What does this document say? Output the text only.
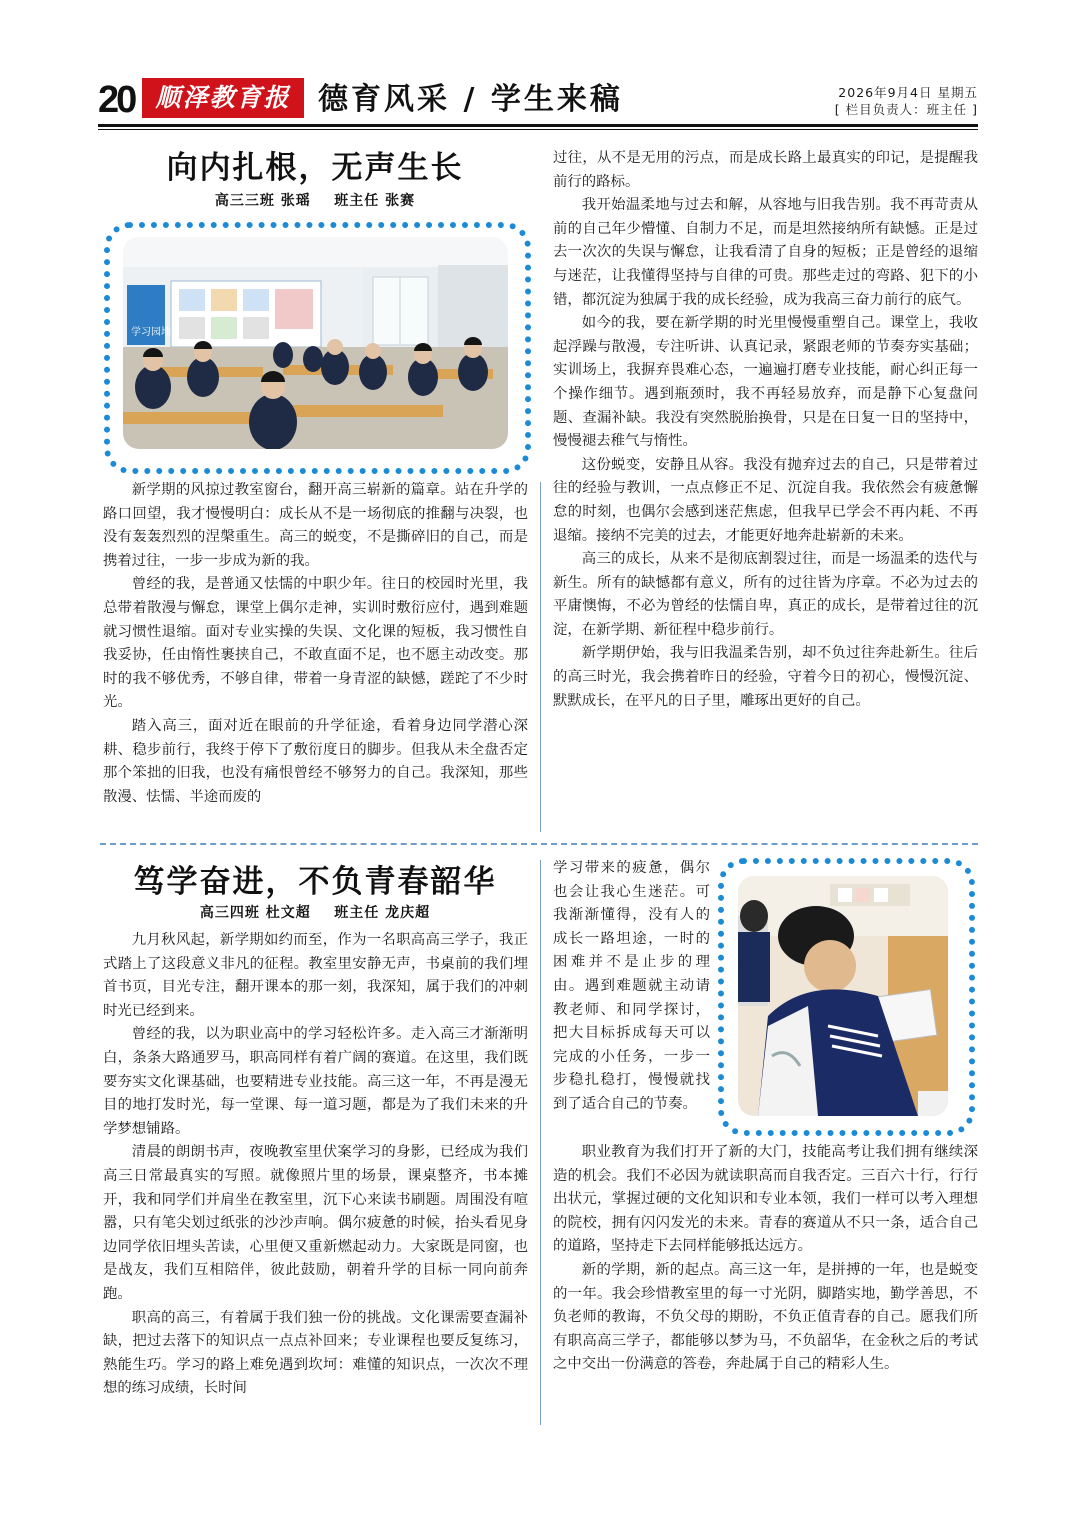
20 顺泽教育报 德育风采 / 学生来稿	2026年9月4日 星期五
[ 栏目负责人：班主任 ]
向内扎根，无声生长
高三三班 张瑶    班主任 张赛
学习园地

新学期的风掠过教室窗台，翻开高三崭新的篇章。站在升学的路口回望，我才慢慢明白：成长从不是一场彻底的推翻与决裂，也没有轰轰烈烈的涅槃重生。高三的蜕变，不是撕碎旧的自己，而是携着过往，一步一步成为新的我。

曾经的我，是普通又怯懦的中职少年。往日的校园时光里，我总带着散漫与懈怠，课堂上偶尔走神，实训时敷衍应付，遇到难题就习惯性退缩。面对专业实操的失误、文化课的短板，我习惯性自我妥协，任由惰性裹挟自己，不敢直面不足，也不愿主动改变。那时的我不够优秀，不够自律，带着一身青涩的缺憾，蹉跎了不少时光。

踏入高三，面对近在眼前的升学征途，看着身边同学潜心深耕、稳步前行，我终于停下了敷衍度日的脚步。但我从未全盘否定那个笨拙的旧我，也没有痛恨曾经不够努力的自己。我深知，那些散漫、怯懦、半途而废的

过往，从不是无用的污点，而是成长路上最真实的印记，是提醒我前行的路标。

我开始温柔地与过去和解，从容地与旧我告别。我不再苛责从前的自己年少懵懂、自制力不足，而是坦然接纳所有缺憾。正是过去一次次的失误与懈怠，让我看清了自身的短板；正是曾经的退缩与迷茫，让我懂得坚持与自律的可贵。那些走过的弯路、犯下的小错，都沉淀为独属于我的成长经验，成为我高三奋力前行的底气。

如今的我，要在新学期的时光里慢慢重塑自己。课堂上，我收起浮躁与散漫，专注听讲、认真记录，紧跟老师的节奏夯实基础；实训场上，我摒弃畏难心态，一遍遍打磨专业技能，耐心纠正每一个操作细节。遇到瓶颈时，我不再轻易放弃，而是静下心复盘问题、查漏补缺。我没有突然脱胎换骨，只是在日复一日的坚持中，慢慢褪去稚气与惰性。

这份蜕变，安静且从容。我没有抛弃过去的自己，只是带着过往的经验与教训，一点点修正不足、沉淀自我。我依然会有疲惫懈怠的时刻，也偶尔会感到迷茫焦虑，但我早已学会不再内耗、不再退缩。接纳不完美的过去，才能更好地奔赴崭新的未来。

高三的成长，从来不是彻底割裂过往，而是一场温柔的迭代与新生。所有的缺憾都有意义，所有的过往皆为序章。不必为过去的平庸懊悔，不必为曾经的怯懦自卑，真正的成长，是带着过往的沉淀，在新学期、新征程中稳步前行。

新学期伊始，我与旧我温柔告别，却不负过往奔赴新生。往后的高三时光，我会携着昨日的经验，守着今日的初心，慢慢沉淀、默默成长，在平凡的日子里，雕琢出更好的自己。

笃学奋进，不负青春韶华
高三四班 杜文超    班主任 龙庆超

九月秋风起，新学期如约而至，作为一名职高高三学子，我正式踏上了这段意义非凡的征程。教室里安静无声，书桌前的我们埋首书页，目光专注，翻开课本的那一刻，我深知，属于我们的冲刺时光已经到来。

曾经的我，以为职业高中的学习轻松许多。走入高三才渐渐明白，条条大路通罗马，职高同样有着广阔的赛道。在这里，我们既要夯实文化课基础，也要精进专业技能。高三这一年，不再是漫无目的地打发时光，每一堂课、每一道习题，都是为了我们未来的升学梦想铺路。

清晨的朗朗书声，夜晚教室里伏案学习的身影，已经成为我们高三日常最真实的写照。就像照片里的场景，课桌整齐，书本摊开，我和同学们并肩坐在教室里，沉下心来读书刷题。周围没有喧嚣，只有笔尖划过纸张的沙沙声响。偶尔疲惫的时候，抬头看见身边同学依旧埋头苦读，心里便又重新燃起动力。大家既是同窗，也是战友，我们互相陪伴，彼此鼓励，朝着升学的目标一同向前奔跑。

职高的高三，有着属于我们独一份的挑战。文化课需要查漏补缺，把过去落下的知识点一点点补回来；专业课程也要反复练习，熟能生巧。学习的路上难免遇到坎坷：难懂的知识点，一次次不理想的练习成绩，长时间

学习带来的疲惫，偶尔也会让我心生迷茫。可我渐渐懂得，没有人的成长一路坦途，一时的困难并不是止步的理由。遇到难题就主动请教老师、和同学探讨，把大目标拆成每天可以完成的小任务，一步一步稳扎稳打，慢慢就找到了适合自己的节奏。

职业教育为我们打开了新的大门，技能高考让我们拥有继续深造的机会。我们不必因为就读职高而自我否定。三百六十行，行行出状元，掌握过硬的文化知识和专业本领，我们一样可以考入理想的院校，拥有闪闪发光的未来。青春的赛道从不只一条，适合自己的道路，坚持走下去同样能够抵达远方。

新的学期，新的起点。高三这一年，是拼搏的一年，也是蜕变的一年。我会珍惜教室里的每一寸光阴，脚踏实地，勤学善思，不负老师的教诲，不负父母的期盼，不负正值青春的自己。愿我们所有职高高三学子，都能够以梦为马，不负韶华，在金秋之后的考试之中交出一份满意的答卷，奔赴属于自己的精彩人生。
